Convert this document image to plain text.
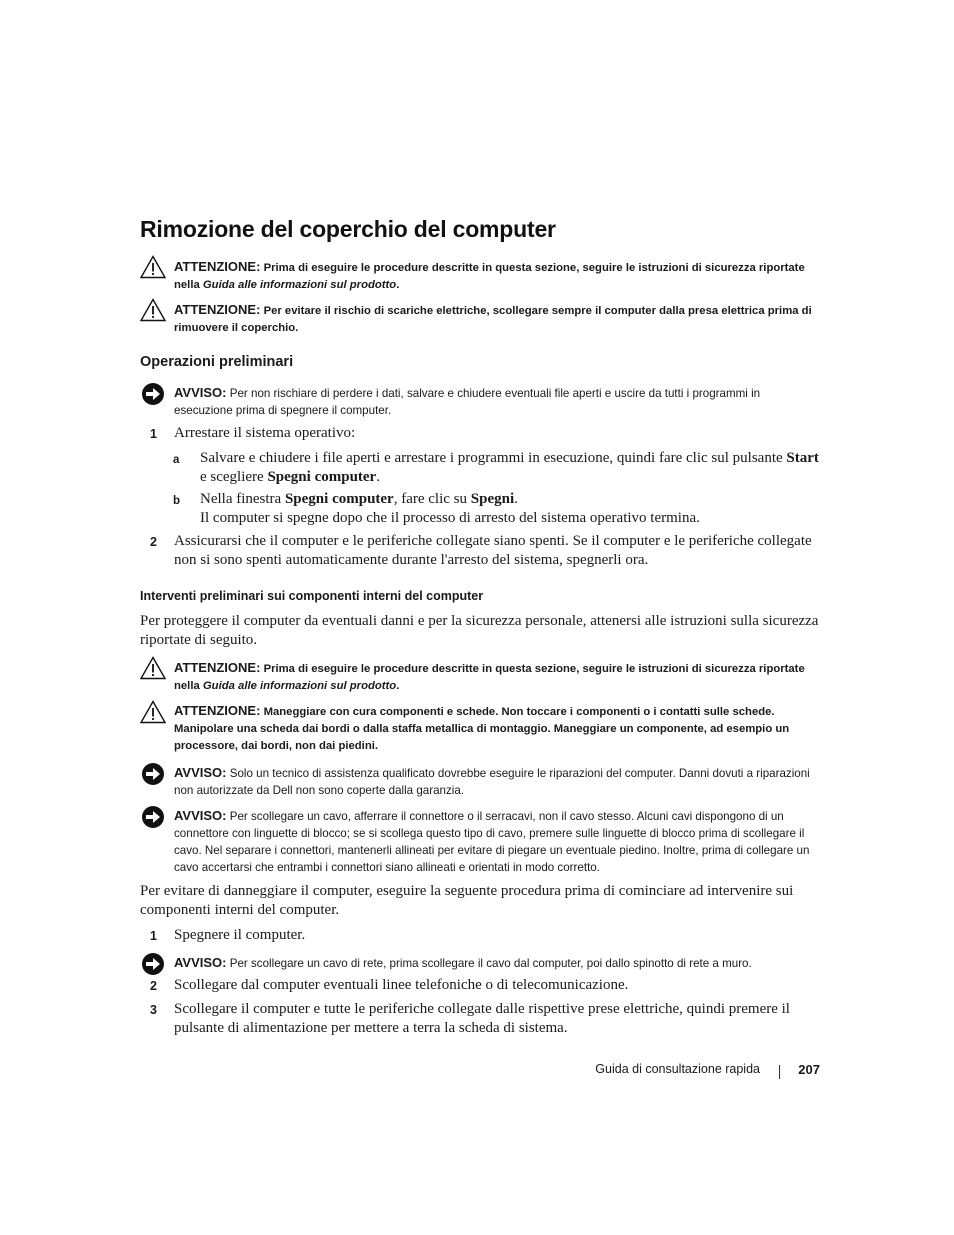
Rimozione del coperchio del computer
ATTENZIONE: Prima di eseguire le procedure descritte in questa sezione, seguire le istruzioni di sicurezza riportate nella Guida alle informazioni sul prodotto.
ATTENZIONE: Per evitare il rischio di scariche elettriche, scollegare sempre il computer dalla presa elettrica prima di rimuovere il coperchio.
Operazioni preliminari
AVVISO: Per non rischiare di perdere i dati, salvare e chiudere eventuali file aperti e uscire da tutti i programmi in esecuzione prima di spegnere il computer.
1 Arrestare il sistema operativo:
a Salvare e chiudere i file aperti e arrestare i programmi in esecuzione, quindi fare clic sul pulsante Start e scegliere Spegni computer.
b Nella finestra Spegni computer, fare clic su Spegni.
Il computer si spegne dopo che il processo di arresto del sistema operativo termina.
2 Assicurarsi che il computer e le periferiche collegate siano spenti. Se il computer e le periferiche collegate non si sono spenti automaticamente durante l'arresto del sistema, spegnerli ora.
Interventi preliminari sui componenti interni del computer
Per proteggere il computer da eventuali danni e per la sicurezza personale, attenersi alle istruzioni sulla sicurezza riportate di seguito.
ATTENZIONE: Prima di eseguire le procedure descritte in questa sezione, seguire le istruzioni di sicurezza riportate nella Guida alle informazioni sul prodotto.
ATTENZIONE: Maneggiare con cura componenti e schede. Non toccare i componenti o i contatti sulle schede. Manipolare una scheda dai bordi o dalla staffa metallica di montaggio. Maneggiare un componente, ad esempio un processore, dai bordi, non dai piedini.
AVVISO: Solo un tecnico di assistenza qualificato dovrebbe eseguire le riparazioni del computer. Danni dovuti a riparazioni non autorizzate da Dell non sono coperte dalla garanzia.
AVVISO: Per scollegare un cavo, afferrare il connettore o il serracavi, non il cavo stesso. Alcuni cavi dispongono di un connettore con linguette di blocco; se si scollega questo tipo di cavo, premere sulle linguette di blocco prima di scollegare il cavo. Nel separare i connettori, mantenerli allineati per evitare di piegare un eventuale piedino. Inoltre, prima di collegare un cavo accertarsi che entrambi i connettori siano allineati e orientati in modo corretto.
Per evitare di danneggiare il computer, eseguire la seguente procedura prima di cominciare ad intervenire sui componenti interni del computer.
1 Spegnere il computer.
AVVISO: Per scollegare un cavo di rete, prima scollegare il cavo dal computer, poi dallo spinotto di rete a muro.
2 Scollegare dal computer eventuali linee telefoniche o di telecomunicazione.
3 Scollegare il computer e tutte le periferiche collegate dalle rispettive prese elettriche, quindi premere il pulsante di alimentazione per mettere a terra la scheda di sistema.
Guida di consultazione rapida	207
